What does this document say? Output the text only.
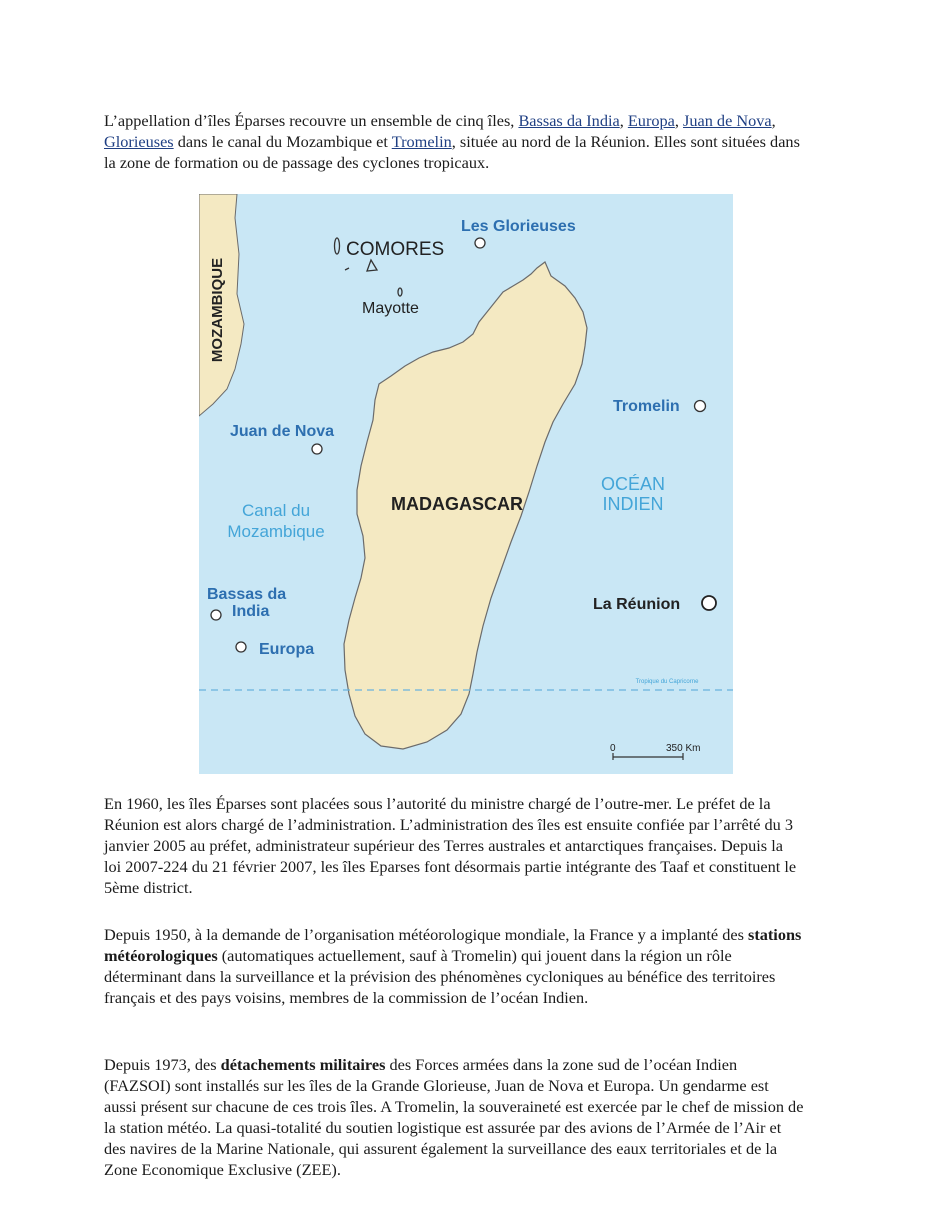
L’appellation d’îles Éparses recouvre un ensemble de cinq îles, Bassas da India, Europa, Juan de Nova, Glorieuses dans le canal du Mozambique et Tromelin, située au nord de la Réunion. Elles sont situées dans la zone de formation ou de passage des cyclones tropicaux.

MOZAMBIQUE
COMORES
Mayotte
Les Glorieuses
Tromelin
Juan de Nova
Canal du
Mozambique
MADAGASCAR
OCÉAN
INDIEN
Bassas da
India
Europa
La Réunion
Tropique du Capricorne
0	350 Km

En 1960, les îles Éparses sont placées sous l’autorité du ministre chargé de l’outre-mer. Le préfet de la Réunion est alors chargé de l’administration. L’administration des îles est ensuite confiée par l’arrêté du 3 janvier 2005 au préfet, administrateur supérieur des Terres australes et antarctiques françaises. Depuis la loi 2007-224 du 21 février 2007, les îles Eparses font désormais partie intégrante des Taaf et constituent le 5ème district.

Depuis 1950, à la demande de l’organisation météorologique mondiale, la France y a implanté des stations météorologiques (automatiques actuellement, sauf à Tromelin) qui jouent dans la région un rôle déterminant dans la surveillance et la prévision des phénomènes cycloniques au bénéfice des territoires français et des pays voisins, membres de la commission de l’océan Indien.

Depuis 1973, des détachements militaires des Forces armées dans la zone sud de l’océan Indien (FAZSOI) sont installés sur les îles de la Grande Glorieuse, Juan de Nova et Europa. Un gendarme est aussi présent sur chacune de ces trois îles. A Tromelin, la souveraineté est exercée par le chef de mission de la station météo. La quasi-totalité du soutien logistique est assurée par des avions de l’Armée de l’Air et des navires de la Marine Nationale, qui assurent également la surveillance des eaux territoriales et de la Zone Economique Exclusive (ZEE).
